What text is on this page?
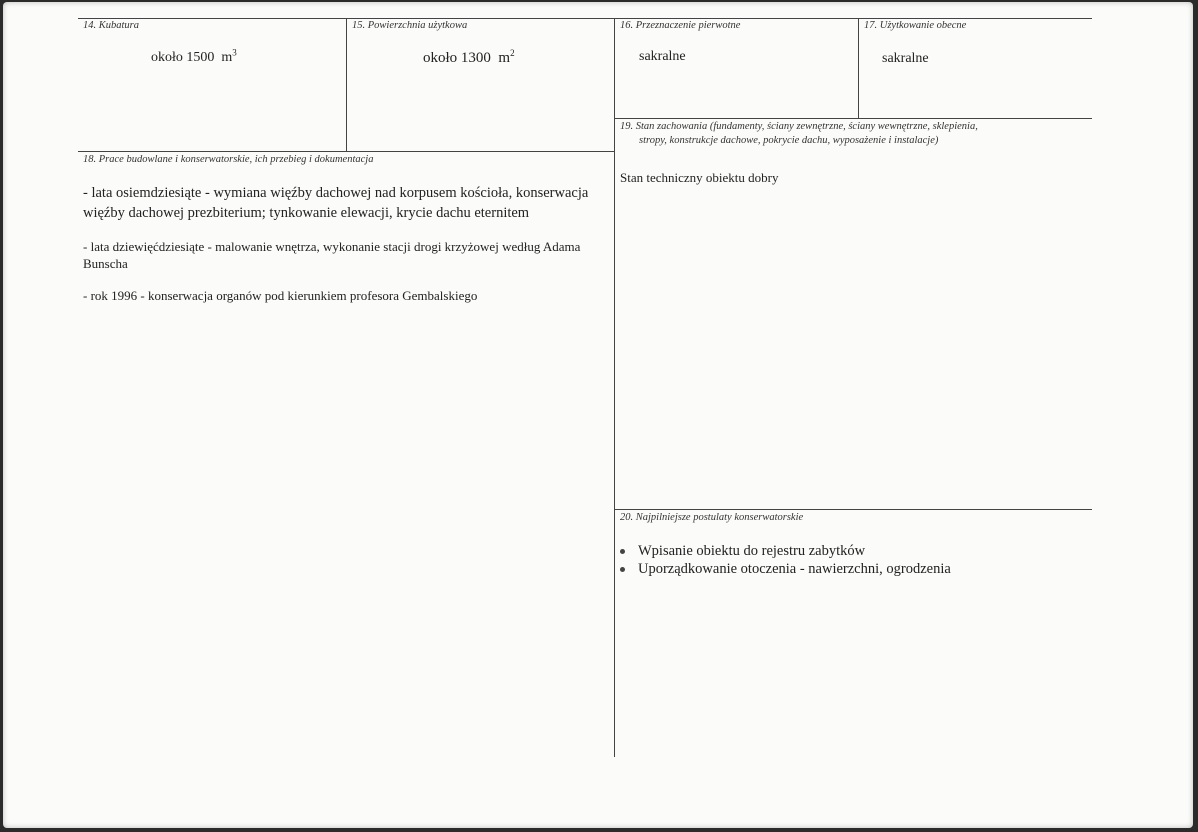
14. Kubatura
około 1500 $m^3$
15. Powierzchnia użytkowa
około 1300 $m^2$
16. Przeznaczenie pierwotne
sakralne
17. Użytkowanie obecne
sakralne
19. Stan zachowania (fundamenty, ściany zewnętrzne, ściany wewnętrzne, sklepienia,
stropy, konstrukcje dachowe, pokrycie dachu, wyposażenie i instalacje)
Stan techniczny obiektu dobry
18. Prace budowlane i konserwatorskie, ich przebieg i dokumentacja
- lata osiemdziesiąte - wymiana więźby dachowej nad korpusem kościoła, konserwacja więźby dachowej prezbiterium; tynkowanie elewacji, krycie dachu eternitem
- lata dziewięćdziesiąte - malowanie wnętrza, wykonanie stacji drogi krzyżowej według Adama Bunscha
- rok 1996 - konserwacja organów pod kierunkiem profesora Gembalskiego
20. Najpilniejsze postulaty konserwatorskie
Wpisanie obiektu do rejestru zabytków
Uporządkowanie otoczenia - nawierzchni, ogrodzenia
